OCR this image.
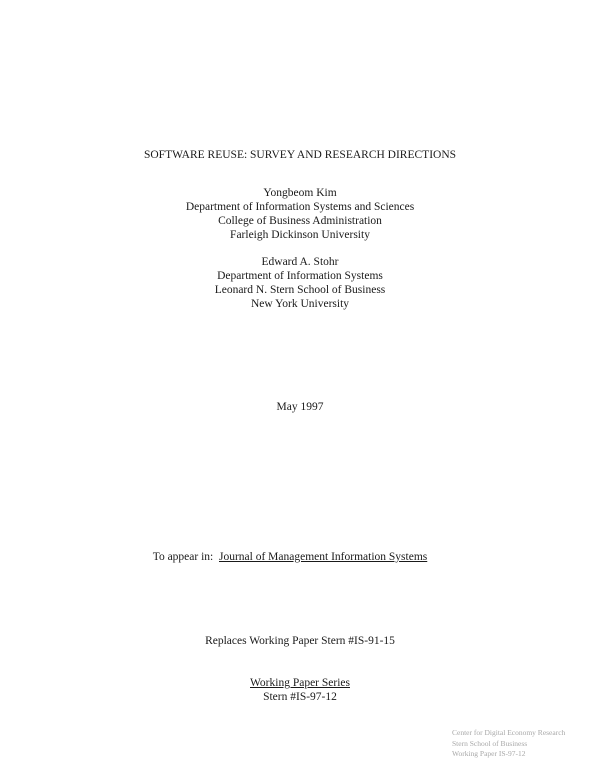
SOFTWARE REUSE: SURVEY AND RESEARCH DIRECTIONS
Yongbeom Kim
Department of Information Systems and Sciences
College of Business Administration
Farleigh Dickinson University
Edward A. Stohr
Department of Information Systems
Leonard N. Stern School of Business
New York University
May 1997
To appear in: Journal of Management Information Systems
Replaces Working Paper Stern #IS-91-15
Working Paper Series
Stern #IS-97-12
Center for Digital Economy Research
Stern School of Business
Working Paper IS-97-12
